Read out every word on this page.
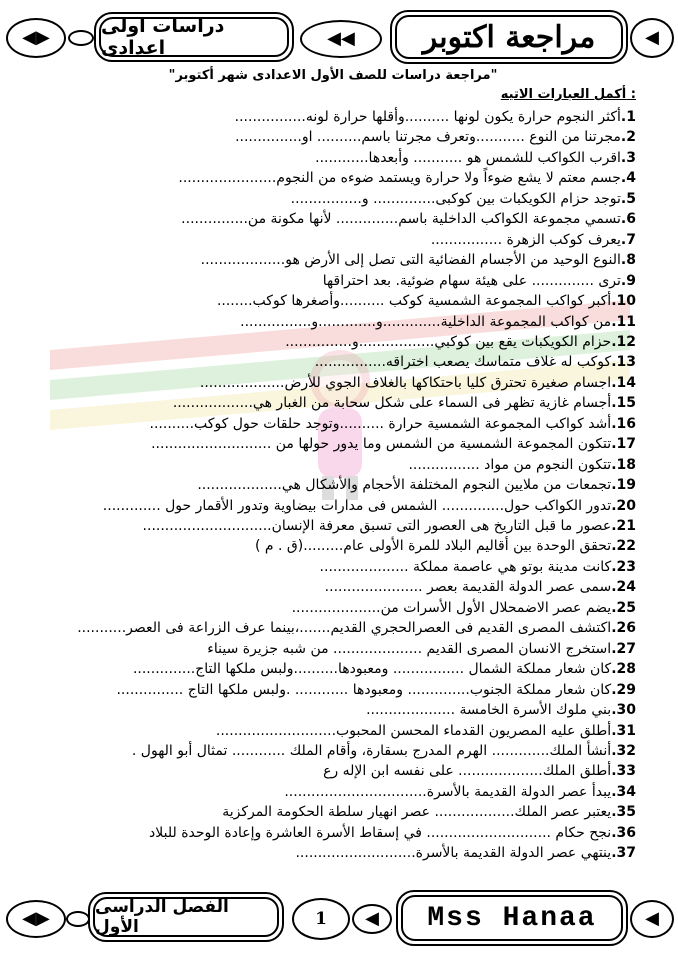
◀▶
دراسات اولى اعدادى	◀◀ مراجعة اكتوبر	◀
"مراجعة دراسات للصف الأول الاعدادى شهر أكتوبر"
أكمل العبارات الاتيه :
1.أكثر النجوم حرارة يكون لونها ..........وأقلها حرارة لونه................
2.مجرتنا من النوع ...........وتعرف مجرتنا باسم.......... او...............
3.اقرب الكواكب للشمس هو ........... وأبعدها............
4.جسم معتم لا يشع ضوءاً ولا حرارة ويستمد ضوءه من النجوم......................
5.توجد حزام الكويكبات بين كوكبى.............. و................
6.تسمي مجموعة الكواكب الداخلية باسم.............. لأنها مكونة من...............
7.يعرف كوكب الزهرة ................
8.النوع الوحيد من الأجسام الفضائية التى تصل إلى الأرض هو...................
9.ترى .............. على هيئة سهام ضوئية. بعد احتراقها
10.أكبر كواكب المجموعة الشمسية كوكب ..........وأصغرها كوكب........
11.من كواكب المجموعة الداخلية.............و.............و................
12.حزام الكويكبات يقع بين كوكبي.................و...............
13.كوكب له غلاف متماسك يصعب اختراقه................
14.اجسام صغيرة تحترق كليا باحتكاكها بالغلاف الجوي للأرض...................
15.أجسام غازية تظهر فى السماء على شكل سحابة من الغبار هي..................
16.أشد كواكب المجموعة الشمسية حرارة ..........وتوجد حلقات حول كوكب..........
17.تتكون المجموعة الشمسية من الشمس وما يدور حولها من ...........................
18.تتكون النجوم من مواد ................
19.تجمعات من ملايين النجوم المختلفة الأحجام والأشكال هي...................
20.تدور الكواكب حول.............. الشمس فى مدارات بيضاوية وتدور الأقمار حول .............
21.عصور ما قبل التاريخ هى العصور التى تسبق معرفة الإنسان.............................
22.تحقق الوحدة بين أقاليم البلاد للمرة الأولى عام.........(ق . م )
23.كانت مدينة بوتو هي عاصمة مملكة ....................
24.سمى عصر الدولة القديمة بعصر ......................
25.يضم عصر الاضمحلال الأول الأسرات من....................
26.اكتشف المصرى القديم فى العصرالحجري القديم.......،بينما عرف الزراعة فى العصر...........
27.استخرج الانسان المصرى القديم .................... من شبه جزيرة سيناء
28.كان شعار مملكة الشمال ................ ومعبودها..........ولبس ملكها التاج..............
29.كان شعار مملكة الجنوب.............. ومعبودها ............ .ولبس ملكها التاج ...............
30.بني ملوك الأسرة الخامسة ....................
31.أطلق عليه المصريون القدماء المحسن المحبوب...........................
32.أنشأ الملك............. الهرم المدرج بسقارة، وأقام الملك ............ تمثال أبو الهول .
33.أطلق الملك................... على نفسه ابن الإله رع
34.يبدأ عصر الدولة القديمة بالأسرة................................
35.يعتبر عصر الملك.................. عصر انهيار سلطة الحكومة المركزية
36.نجح حكام ............................ في إسقاط الأسرة العاشرة وإعادة الوحدة للبلاد
37.ينتهي عصر الدولة القديمة بالأسرة...........................
◀▶
الفصل الدراسى الأول	1 ◀ Mss Hanaa	◀
